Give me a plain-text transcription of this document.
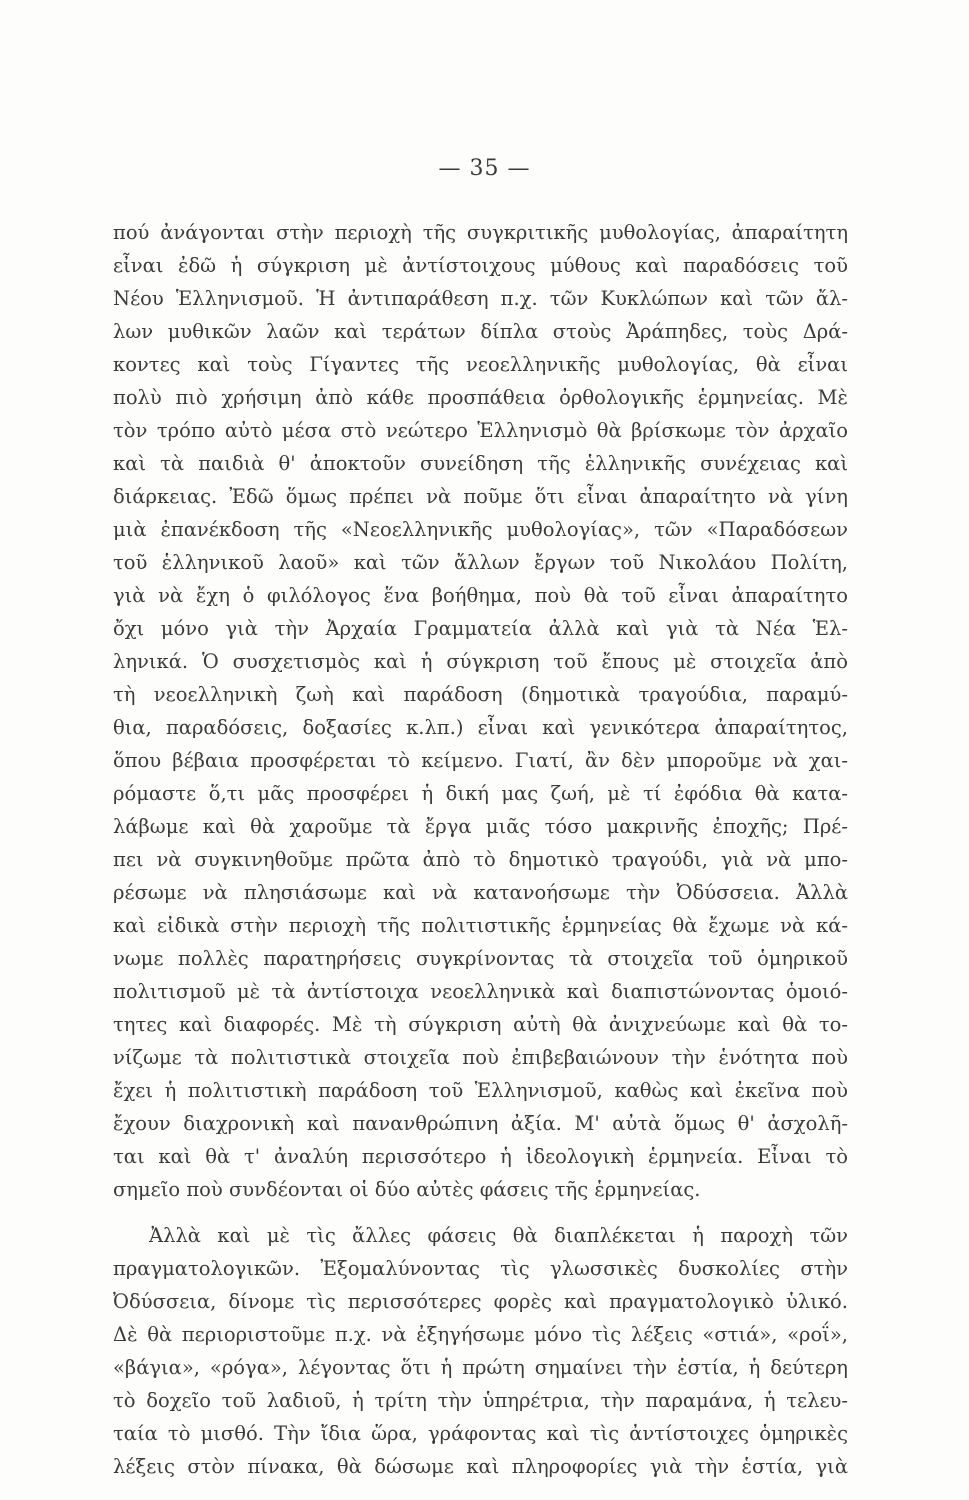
— 35 —
πού ἀνάγονται στὴν περιοχὴ τῆς συγκριτικῆς μυθολογίας, ἀπαραίτητη
εἶναι ἐδῶ ἡ σύγκριση μὲ ἀντίστοιχους μύθους καὶ παραδόσεις τοῦ
Νέου Ἑλληνισμοῦ. Ἡ ἀντιπαράθεση π.χ. τῶν Κυκλώπων καὶ τῶν ἄλ-
λων μυθικῶν λαῶν καὶ τεράτων δίπλα στοὺς Ἀράπηδες, τοὺς Δρά-
κοντες καὶ τοὺς Γίγαντες τῆς νεοελληνικῆς μυθολογίας, θὰ εἶναι
πολὺ πιὸ χρήσιμη ἀπὸ κάθε προσπάθεια ὀρθολογικῆς ἑρμηνείας. Μὲ
τὸν τρόπο αὐτὸ μέσα στὸ νεώτερο Ἑλληνισμὸ θὰ βρίσκωμε τὸν ἀρχαῖο
καὶ τὰ παιδιὰ θ' ἀποκτοῦν συνείδηση τῆς ἑλληνικῆς συνέχειας καὶ
διάρκειας. Ἐδῶ ὅμως πρέπει νὰ ποῦμε ὅτι εἶναι ἀπαραίτητο νὰ γίνη
μιὰ ἐπανέκδοση τῆς «Νεοελληνικῆς μυθολογίας», τῶν «Παραδόσεων
τοῦ ἑλληνικοῦ λαοῦ» καὶ τῶν ἄλλων ἔργων τοῦ Νικολάου Πολίτη,
γιὰ νὰ ἔχη ὁ φιλόλογος ἕνα βοήθημα, ποὺ θὰ τοῦ εἶναι ἀπαραίτητο
ὄχι μόνο γιὰ τὴν Ἀρχαία Γραμματεία ἀλλὰ καὶ γιὰ τὰ Νέα Ἑλ-
ληνικά. Ὁ συσχετισμὸς καὶ ἡ σύγκριση τοῦ ἔπους μὲ στοιχεῖα ἀπὸ
τὴ νεοελληνικὴ ζωὴ καὶ παράδοση (δημοτικὰ τραγούδια, παραμύ-
θια, παραδόσεις, δοξασίες κ.λπ.) εἶναι καὶ γενικότερα ἀπαραίτητος,
ὅπου βέβαια προσφέρεται τὸ κείμενο. Γιατί, ἂν δὲν μποροῦμε νὰ χαι-
ρόμαστε ὅ,τι μᾶς προσφέρει ἡ δική μας ζωή, μὲ τί ἐφόδια θὰ κατα-
λάβωμε καὶ θὰ χαροῦμε τὰ ἔργα μιᾶς τόσο μακρινῆς ἐποχῆς; Πρέ-
πει νὰ συγκινηθοῦμε πρῶτα ἀπὸ τὸ δημοτικὸ τραγούδι, γιὰ νὰ μπο-
ρέσωμε νὰ πλησιάσωμε καὶ νὰ κατανοήσωμε τὴν Ὀδύσσεια. Ἀλλὰ
καὶ εἰδικὰ στὴν περιοχὴ τῆς πολιτιστικῆς ἑρμηνείας θὰ ἔχωμε νὰ κά-
νωμε πολλὲς παρατηρήσεις συγκρίνοντας τὰ στοιχεῖα τοῦ ὁμηρικοῦ
πολιτισμοῦ μὲ τὰ ἀντίστοιχα νεοελληνικὰ καὶ διαπιστώνοντας ὁμοιό-
τητες καὶ διαφορές. Μὲ τὴ σύγκριση αὐτὴ θὰ ἀνιχνεύωμε καὶ θὰ το-
νίζωμε τὰ πολιτιστικὰ στοιχεῖα ποὺ ἐπιβεβαιώνουν τὴν ἑνότητα ποὺ
ἔχει ἡ πολιτιστικὴ παράδοση τοῦ Ἑλληνισμοῦ, καθὼς καὶ ἐκεῖνα ποὺ
ἔχουν διαχρονικὴ καὶ πανανθρώπινη ἀξία. Μ' αὐτὰ ὅμως θ' ἀσχολῆ-
ται καὶ θὰ τ' ἀναλύη περισσότερο ἡ ἰδεολογικὴ ἑρμηνεία. Εἶναι τὸ
σημεῖο ποὺ συνδέονται οἱ δύο αὐτὲς φάσεις τῆς ἑρμηνείας.
Ἀλλὰ καὶ μὲ τὶς ἄλλες φάσεις θὰ διαπλέκεται ἡ παροχὴ τῶν
πραγματολογικῶν. Ἐξομαλύνοντας τὶς γλωσσικὲς δυσκολίες στὴν
Ὀδύσσεια, δίνομε τὶς περισσότερες φορὲς καὶ πραγματολογικὸ ὑλικό.
Δὲ θὰ περιοριστοῦμε π.χ. νὰ ἐξηγήσωμε μόνο τὶς λέξεις «στιά», «ροΐ»,
«βάγια», «ρόγα», λέγοντας ὅτι ἡ πρώτη σημαίνει τὴν ἑστία, ἡ δεύτερη
τὸ δοχεῖο τοῦ λαδιοῦ, ἡ τρίτη τὴν ὑπηρέτρια, τὴν παραμάνα, ἡ τελευ-
ταία τὸ μισθό. Τὴν ἴδια ὥρα, γράφοντας καὶ τὶς ἀντίστοιχες ὁμηρικὲς
λέξεις στὸν πίνακα, θὰ δώσωμε καὶ πληροφορίες γιὰ τὴν ἑστία, γιὰ
